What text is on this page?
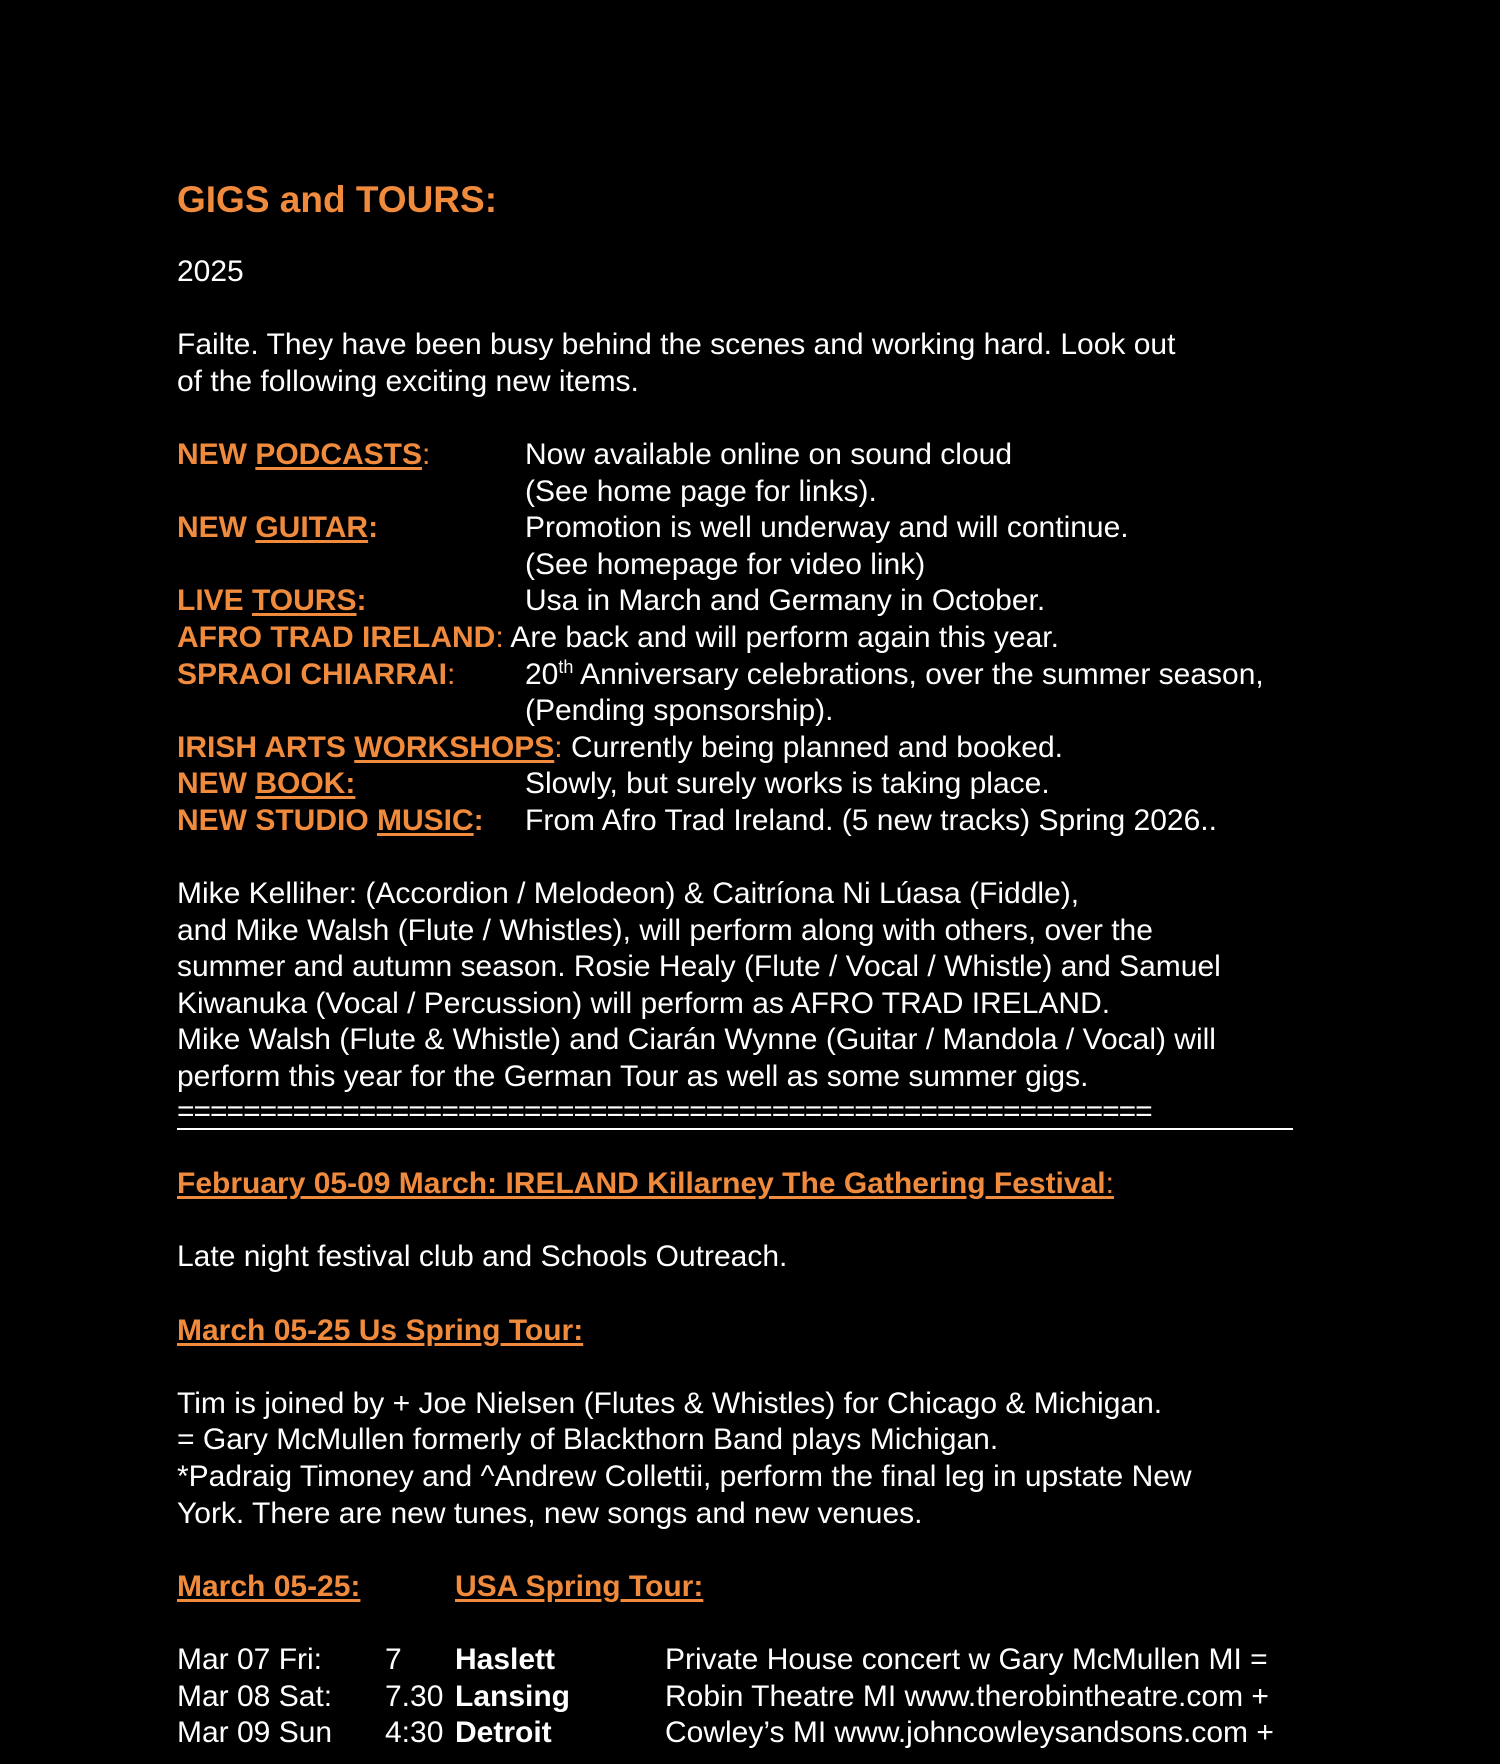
GIGS and TOURS:
2025
Failte. They have been busy behind the scenes and working hard. Look out of the following exciting new items.
NEW PODCASTS:	Now available online on sound cloud
(See home page for links).
NEW GUITAR:	Promotion is well underway and will continue.
(See homepage for video link)
LIVE TOURS:	Usa in March and Germany in October.
AFRO TRAD IRELAND: Are back and will perform again this year.
SPRAOI CHIARRAI:	20th Anniversary celebrations, over the summer season,
(Pending sponsorship).
IRISH ARTS WORKSHOPS: Currently being planned and booked.
NEW BOOK:	Slowly, but surely works is taking place.
NEW STUDIO MUSIC:	From Afro Trad Ireland. (5 new tracks) Spring 2026..
Mike Kelliher: (Accordion / Melodeon) & Caitríona Ni Lúasa (Fiddle),
and Mike Walsh (Flute / Whistles), will perform along with others, over the
summer and autumn season. Rosie Healy (Flute / Vocal / Whistle) and Samuel
Kiwanuka (Vocal / Percussion) will perform as AFRO TRAD IRELAND.
Mike Walsh (Flute & Whistle) and Ciarán Wynne (Guitar / Mandola / Vocal) will
perform this year for the German Tour as well as some summer gigs.
===========================================================
February 05-09 March: IRELAND Killarney The Gathering Festival:
Late night festival club and Schools Outreach.
March 05-25 Us Spring Tour:
Tim is joined by + Joe Nielsen (Flutes & Whistles) for Chicago & Michigan.
= Gary McMullen formerly of Blackthorn Band plays Michigan.
*Padraig Timoney and ^Andrew Collettii, perform the final leg in upstate New
York. There are new tunes, new songs and new venues.
March 05-25:	USA Spring Tour:
Mar 07 Fri:	7	Haslett	Private House concert w Gary McMullen MI =
Mar 08 Sat:	7.30 Lansing	Robin Theatre MI www.therobintheatre.com +
Mar 09 Sun	4:30 Detroit	Cowley’s MI www.johncowleysandsons.com +
